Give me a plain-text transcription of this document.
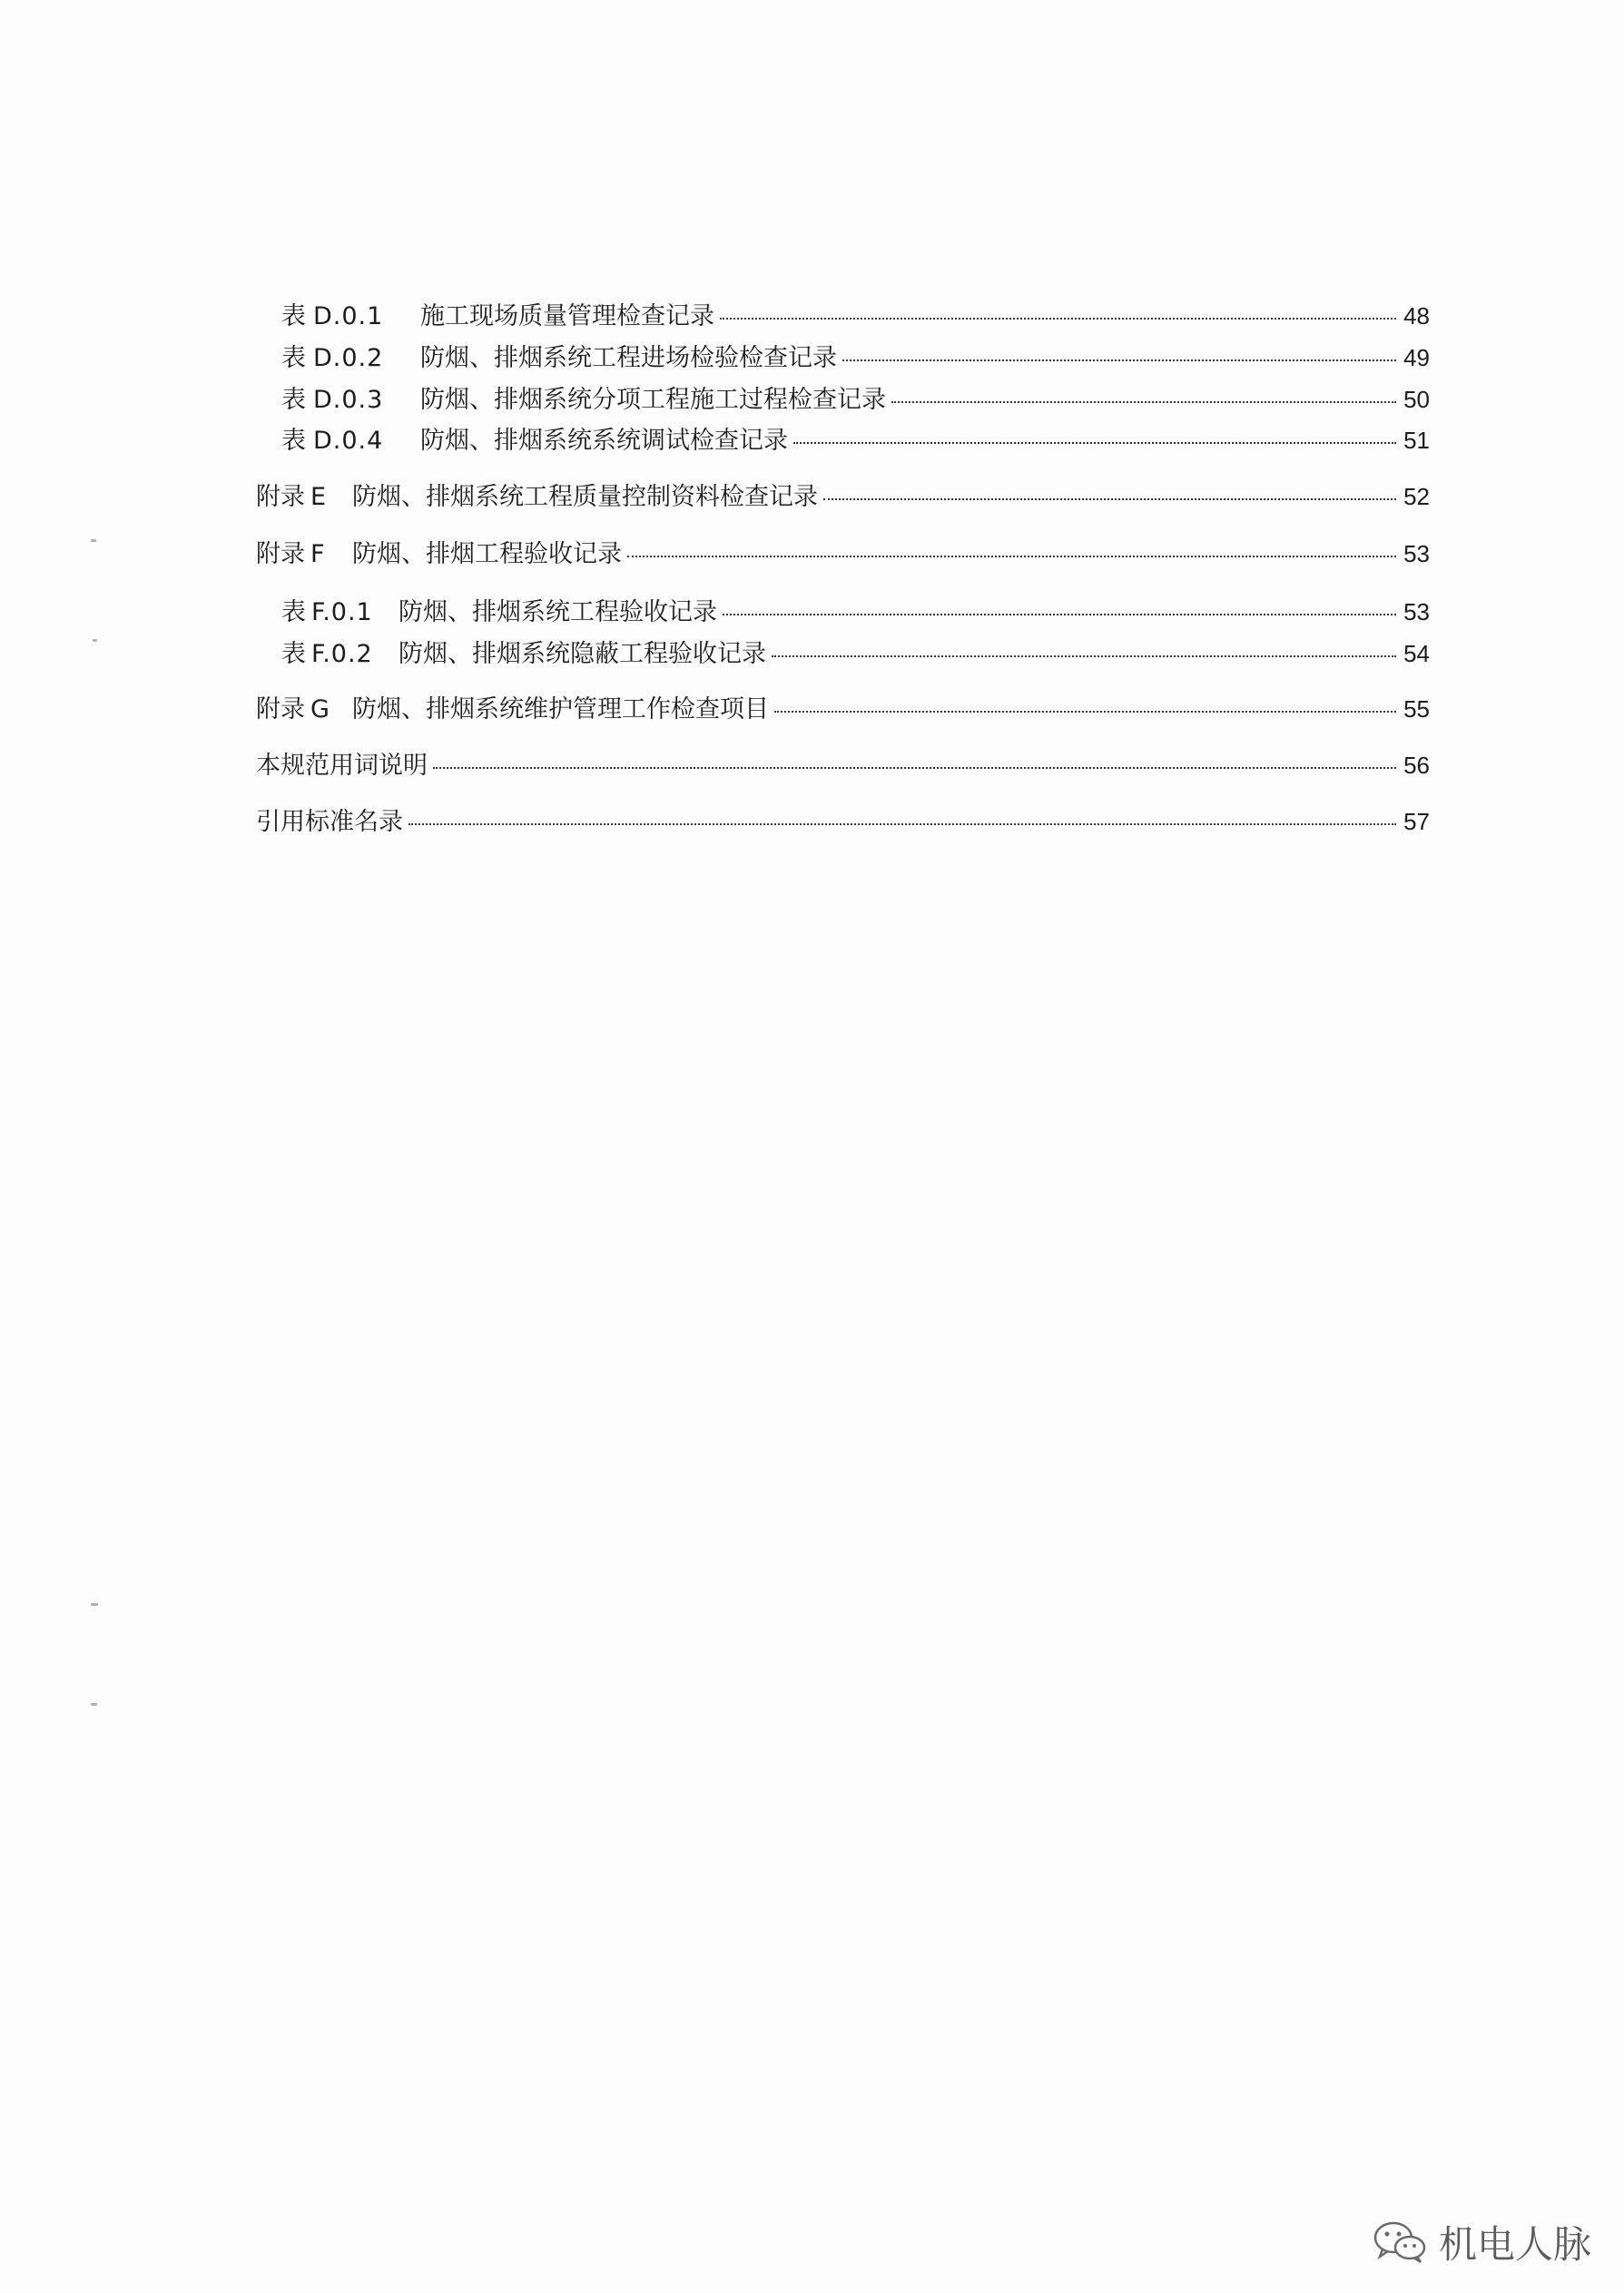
表 D.0.1	施工现场质量管理检查记录	48
表 D.0.2	防烟、排烟系统工程进场检验检查记录	49
表 D.0.3	防烟、排烟系统分项工程施工过程检查记录	50
表 D.0.4	防烟、排烟系统系统调试检查记录	51
附录 E	防烟、排烟系统工程质量控制资料检查记录	52
附录 F	防烟、排烟工程验收记录	53
表 F.0.1	防烟、排烟系统工程验收记录	53
表 F.0.2	防烟、排烟系统隐蔽工程验收记录	54
附录 G 防烟、排烟系统维护管理工作检查项目	55
本规范用词说明	56
引用标准名录	57
机电人脉
